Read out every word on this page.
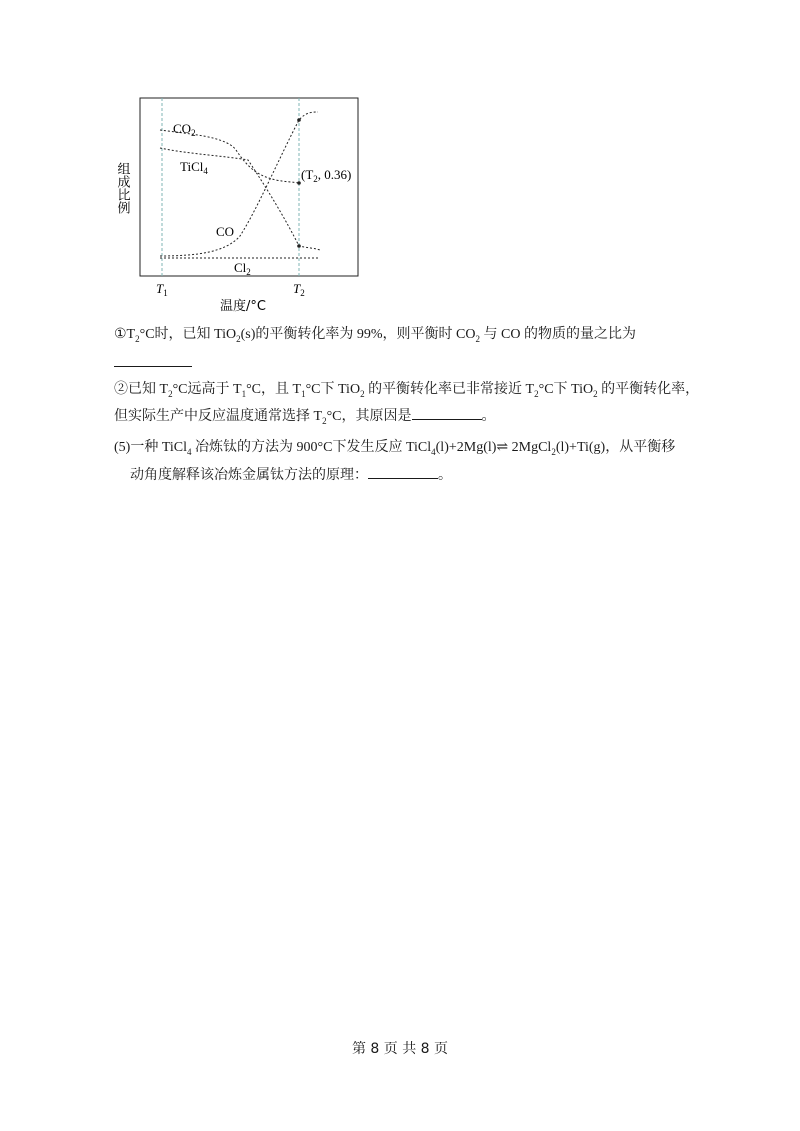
$CO_2$
TiCl$_4$
CO
$Cl_2$
($T_2$, 0.36)
组成比例
$T_1$	$T_2$
温度/°C
$①T_2^\circ C$时，已知 TiO$_2$(s)的平衡转化率为 99%，则平衡时 $CO_2$ 与 CO 的物质的量之比为
②已知 $T_2^\circ C$远高于 $T_1^\circ C$，且 $T_1^\circ C$下 TiO$_2$ 的平衡转化率已非常接近 $T_2^\circ C$下 TiO$_2$ 的平衡转化率，
但实际生产中反应温度通常选择 $T_2^\circ C$，其原因是	。
(5)一种 TiCl$_4$ 冶炼钛的方法为 900°C下发生反应 TiCl$_4$(l)+2Mg(l)⇌ 2MgCl$_2$(l)+Ti(g)，从平衡移
动角度解释该冶炼金属钛方法的原理：	。
第 8 页 共 8 页
